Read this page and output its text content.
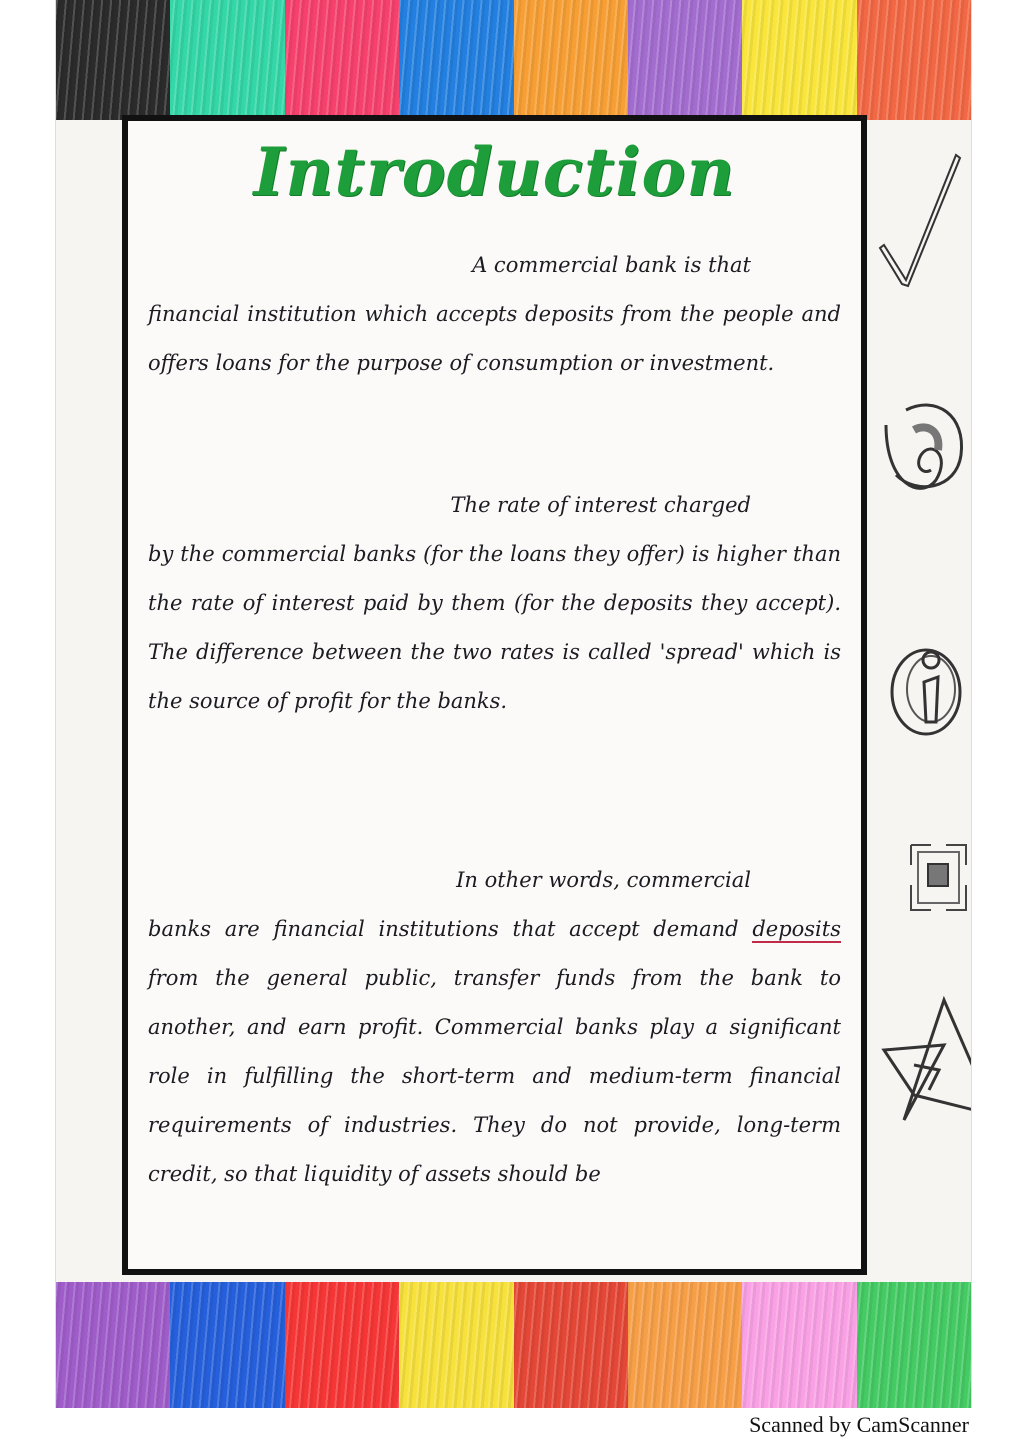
Introduction

A commercial bank is that
financial institution which accepts deposits from the people and offers loans for the purpose of consumption or investment.

The rate of interest charged
by the commercial banks (for the loans they offer) is higher than the rate of interest paid by them (for the deposits they accept). The difference between the two rates is called 'spread' which is the source of profit for the banks.

In other words, commercial
banks are financial institutions that accept demand deposits from the general public, transfer funds from the bank to another, and earn profit. Commercial banks play a significant role in fulfilling the short-term and medium-term financial requirements of industries. They do not provide, long-term credit, so that liquidity of assets should be

Scanned by CamScanner
